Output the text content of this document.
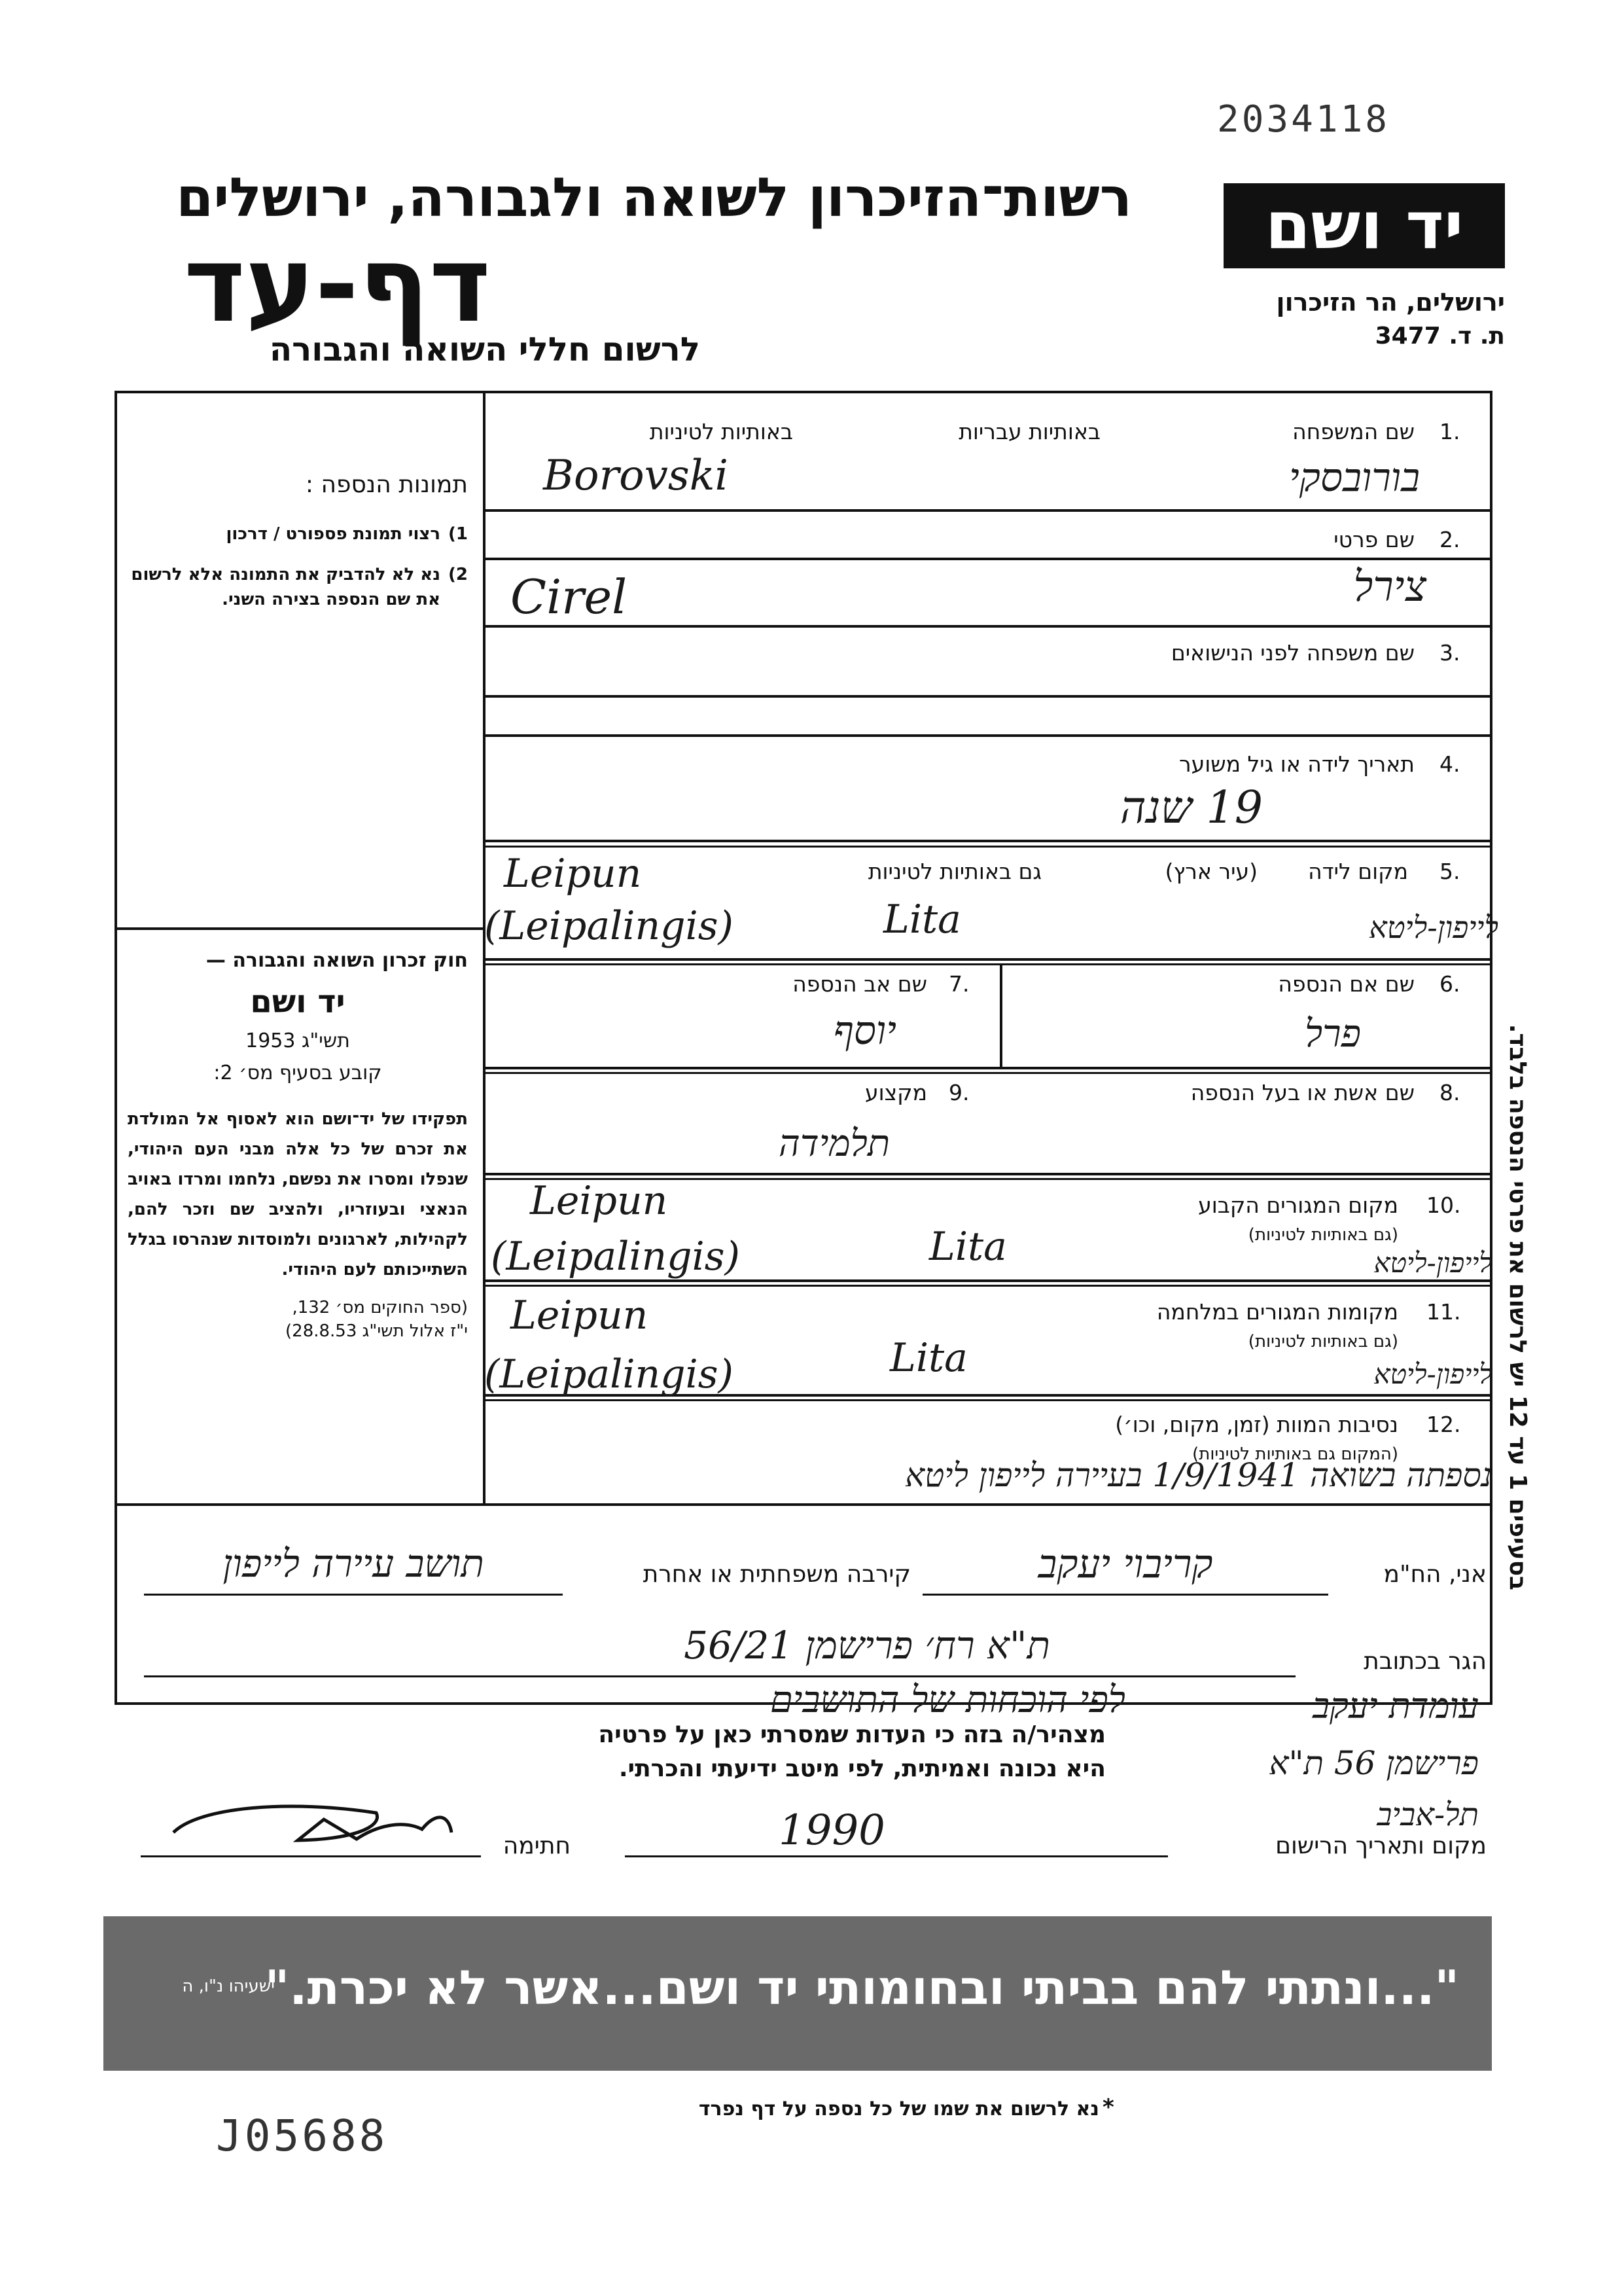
2034118
רשות־הזיכרון לשואה ולגבורה, ירושלים
דף-עד
לרשום חללי השואה והגבורה
יד ושם
ירושלים, הר הזיכרון
ת. ד. 3477
תמונות הנספה :
1)
רצוי תמונת פספורט / דרכון
2)
נא לא להדביק את התמונה אלא לרשום את שם הנספה בצירה השני.
חוק זכרון השואה והגבורה —
יד ושם
תשי"ג 1953
קובע בסעיף מס׳ 2:
תפקידו של יד־ושם הוא לאסוף אל המולדת את זכרם של כל אלה מבני העם היהודי, שנפלו ומסרו את נפשם, נלחמו ומרדו באויב הנאצי ובעוזריו, ולהציב שם וזכר להם, לקהילות, לארגונים ולמוסדות שנהרסו בגלל השתייכותם לעם היהודי.
(ספר החוקים מס׳ 132,
י"ז אלול תשי"ג 28.8.53)	בסעיפים 1 עד 12 יש לרשום את פרטי הנספה בלבד.
1.
שם המשפחה
באותיות עבריות
באותיות לטיניות
Borovski	בורובסקי
2.
שם פרטי
Cirel	צירל
3.
שם משפחה לפני הנישואים
4.
תאריך לידה או גיל משוער
19 שנה
5.
מקום לידה
(עיר ארץ)
גם באותיות לטיניות
Leipun
(Leipalingis)	Lita	לייפון-ליטא
6.
שם אם הנספה
פרל
7.
שם אב הנספה
יוסף
8.
שם אשת או בעל הנספה
9.
מקצוע
תלמידה
10.
מקום המגורים הקבוע
(גם באותיות לטיניות)
Leipun
(Leipalingis)	Lita	לייפון-ליטא
11.
מקומות המגורים במלחמה
(גם באותיות לטיניות)
Leipun
(Leipalingis)	Lita	לייפון-ליטא
12.
נסיבות המוות (זמן, מקום, וכו׳)
(המקום גם באותיות לטיניות)
נספתה בשואה 1/9/1941 בעיירה לייפון ליטא
אני, הח"מ
קריבוי יעקב
קירבה משפחתית או אחרת
תושב עיירה לייפון
הגר בכתובת
ת"א רח׳ פרישמן 56/21
לפי הוכחות של התושבים	עומדת יעקב
פרישמן 56 ת"א
מצהיר/ה בזה כי העדות שמסרתי כאן על פרטיה
היא נכונה ואמיתית, לפי מיטב ידיעתי והכרתי.
תל-אביב
מקום ותאריך הרישום
1990
חתימה
"...ונתתי להם בביתי ובחומותי יד ושם...אשר לא יכרת."
ישעיהו נ"ו, ה
נא לרשום את שמו של כל נספה על דף נפרד *
J05688
